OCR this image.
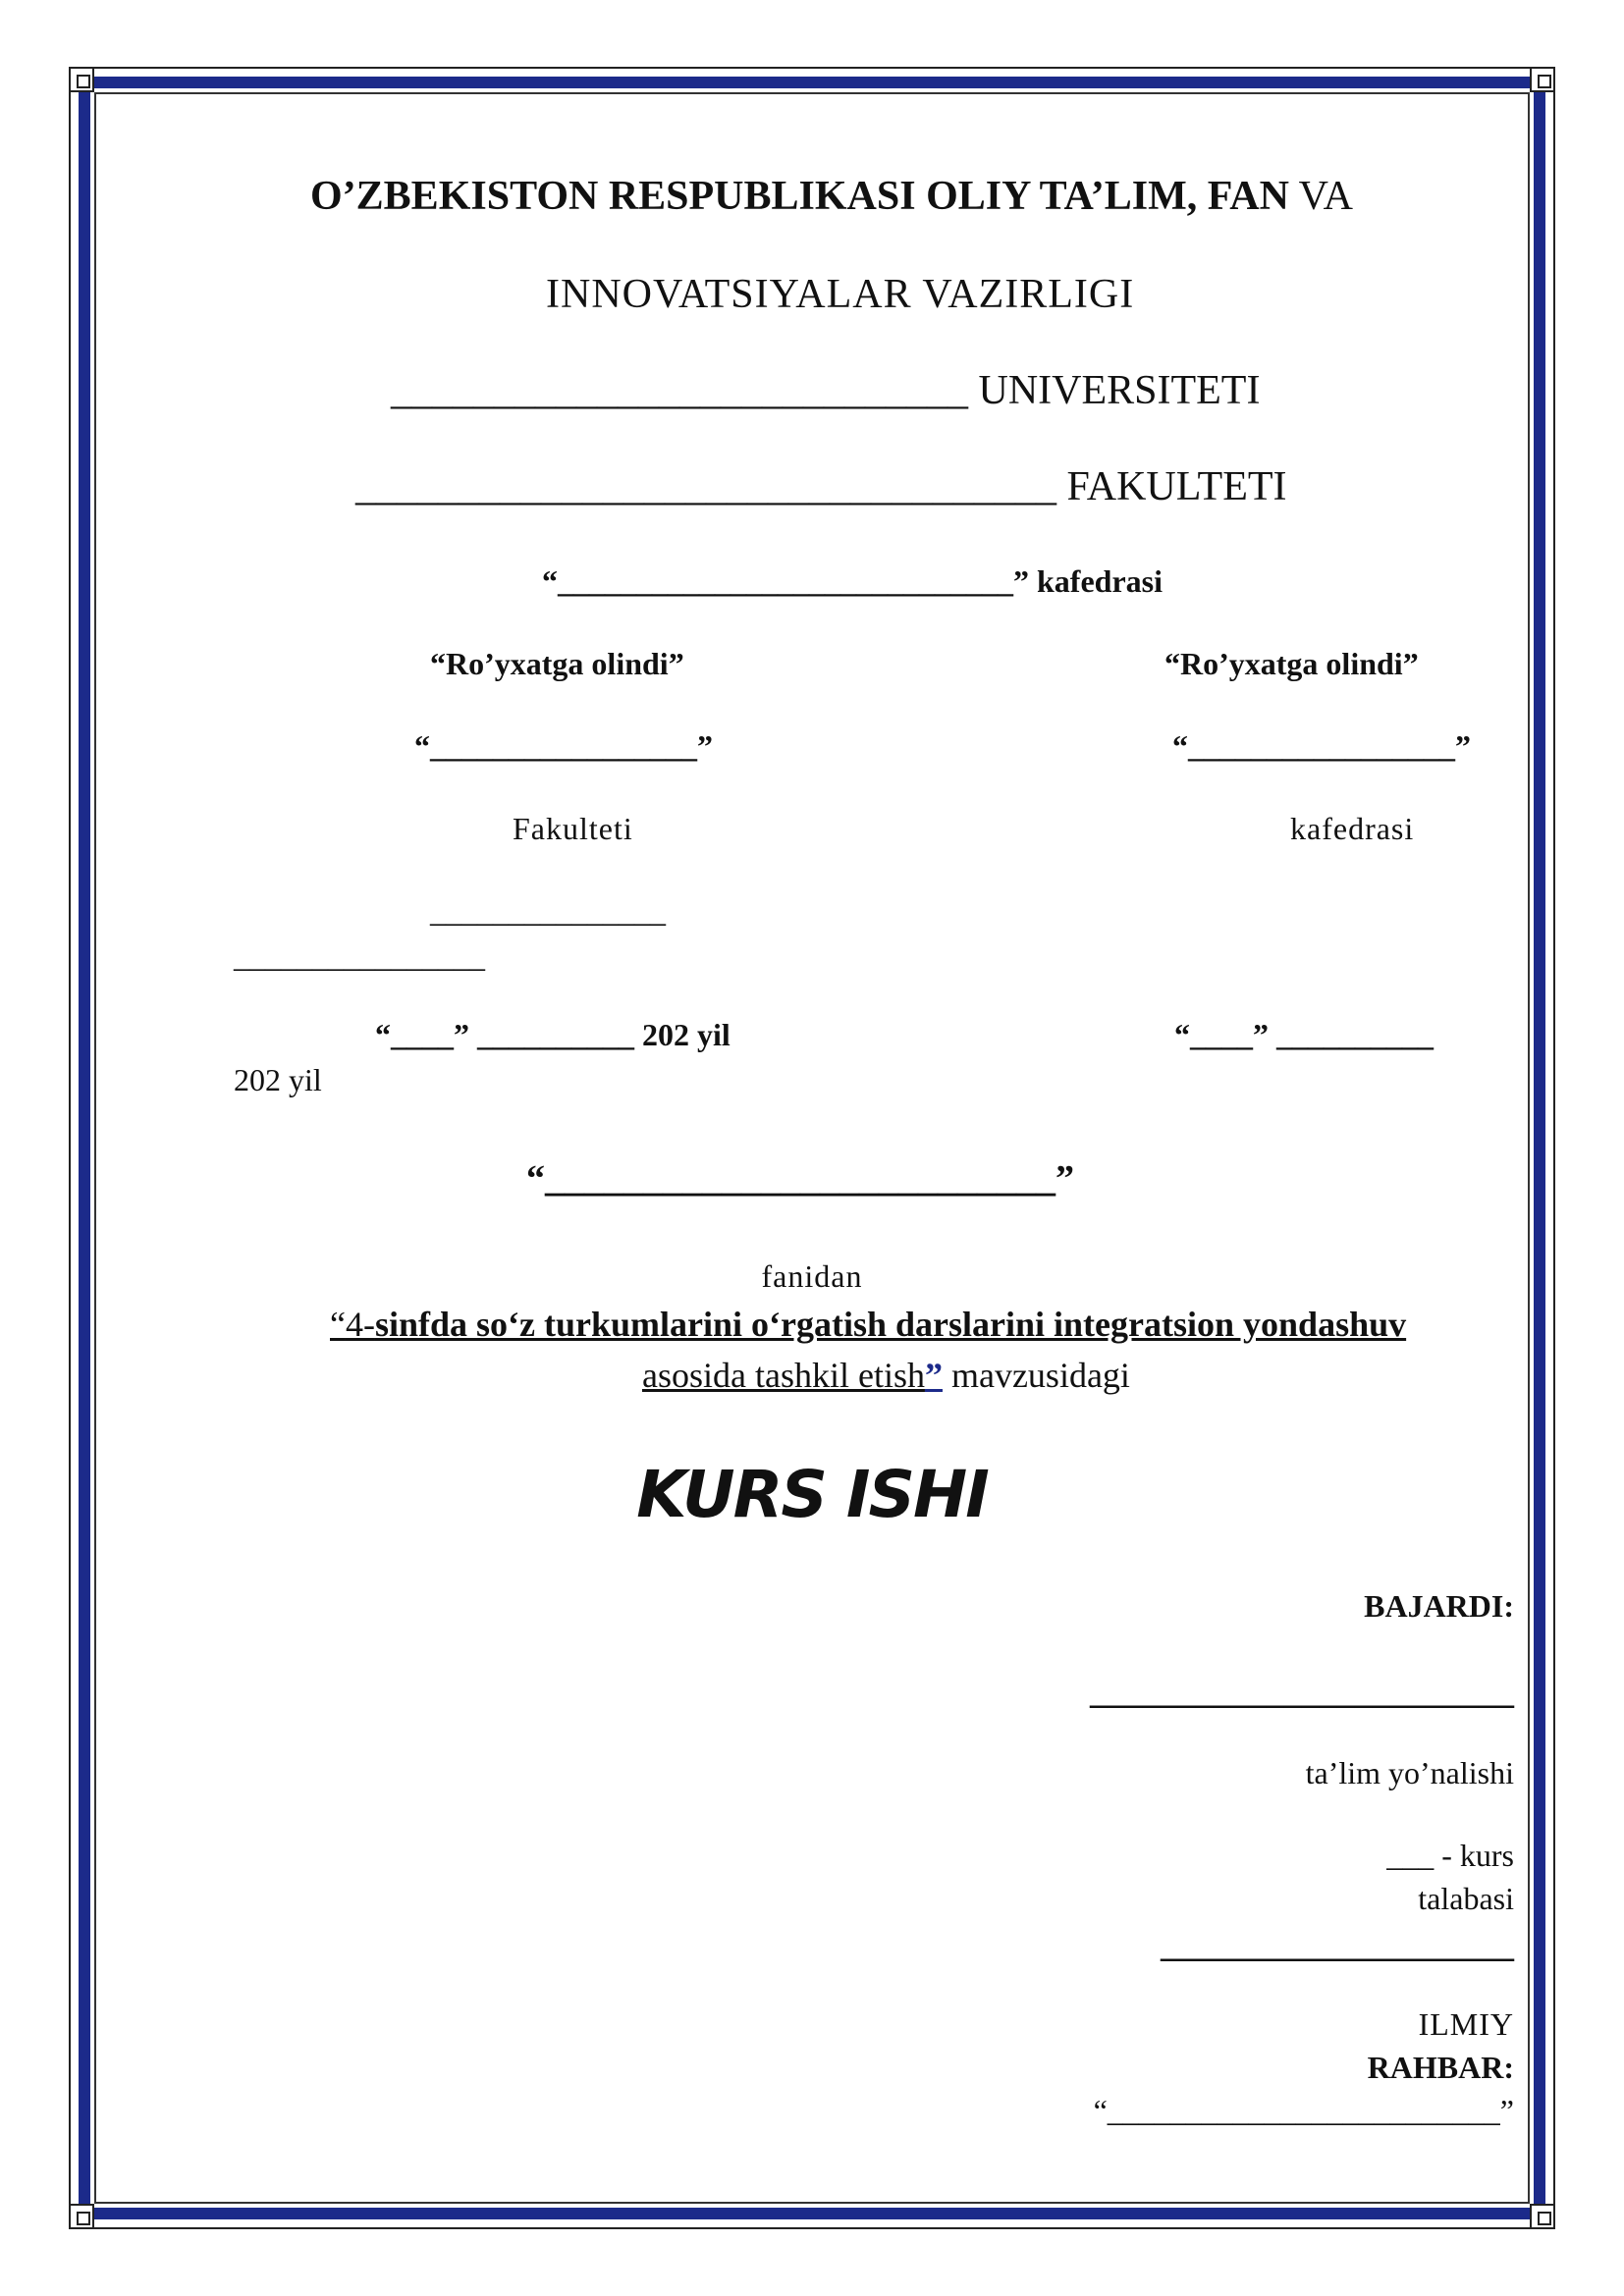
O’ZBEKISTON RESPUBLIKASI OLIY TA’LIM, FAN VA
INNOVATSIYALAR VAZIRLIGI
____________________________ UNIVERSITETI
__________________________________ FAKULTETI
“_____________________________” kafedrasi
“Ro’yxatga olindi”	“Ro’yxatga olindi”
“_________________”	“_________________”
Fakulteti	kafedrasi
_______________
________________
“____” __________ 202 yil	“____” __________
202 yil
“__________________________”
fanidan
“4-sinfda so‘z turkumlarini o‘rgatish darslarini integratsion yondashuv
asosida tashkil etish” mavzusidagi
KURS ISHI
BAJARDI:
________________________
ta’lim yo’nalishi
___ - kurs
talabasi
____________________
ILMIY
RAHBAR:
“_________________________”
